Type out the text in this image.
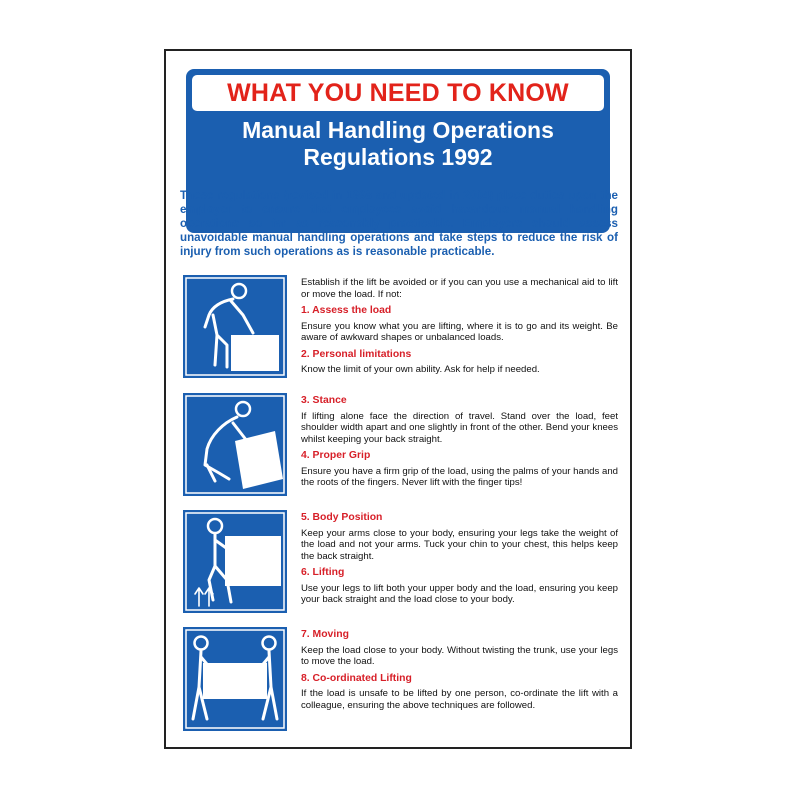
WHAT YOU NEED TO KNOW
Manual Handling Operations
Regulations 1992
These regulations (revised in 1998 and updated in 2004) place duties upon the employer to ensure that employees avoid hazardous manual handling operations so far as reasonably practicable. Employers should assess unavoidable manual handling operations and take steps to reduce the risk of injury from such operations as is reasonable practicable.

Establish if the lift be avoided or if you can you use a mechanical aid to lift or move the load. If not:

1. Assess the load

Ensure you know what you are lifting, where it is to go and its weight. Be aware of awkward shapes or unbalanced loads.

2. Personal limitations

Know the limit of your own ability. Ask for help if needed.

3. Stance

If lifting alone face the direction of travel. Stand over the load, feet shoulder width apart and one slightly in front of the other. Bend your knees whilst keeping your back straight.

4. Proper Grip

Ensure you have a firm grip of the load, using the palms of your hands and the roots of the fingers. Never lift with the finger tips!

5. Body Position

Keep your arms close to your body, ensuring your legs take the weight of the load and not your arms. Tuck your chin to your chest, this helps keep the back straight.

6. Lifting

Use your legs to lift both your upper body and the load, ensuring you keep your back straight and the load close to your body.

7. Moving

Keep the load close to your body. Without twisting the trunk, use your legs to move the load.

8. Co-ordinated Lifting

If the load is unsafe to be lifted by one person, co-ordinate the lift with a colleague, ensuring the above techniques are followed.
